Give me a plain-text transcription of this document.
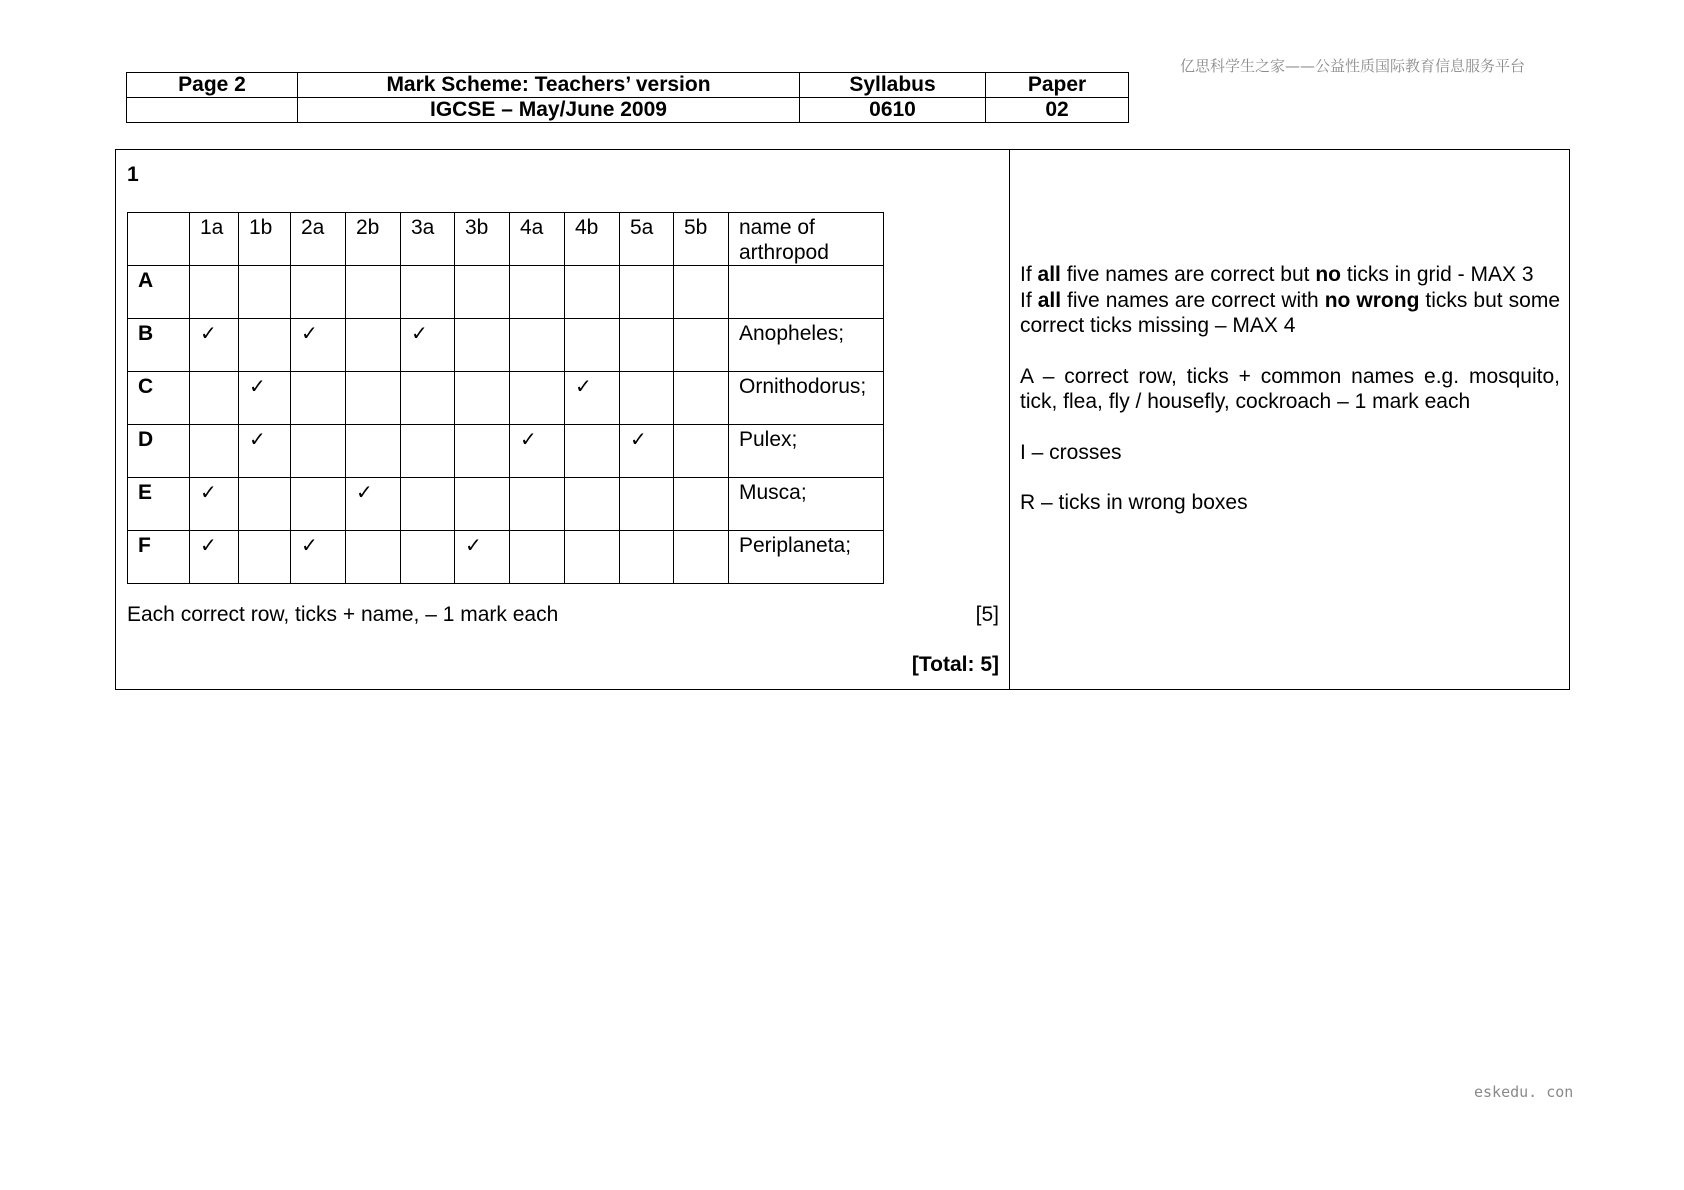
亿思科学生之家——公益性质国际教育信息服务平台
Page 2	Mark Scheme: Teachers’ version	Syllabus	Paper
	IGCSE – May/June 2009	0610	02
1
	1a	1b	2a	2b	3a	3b	4a	4b	5a	5b	name of arthropod
A											
B	✓		✓		✓						Anopheles;
C		✓						✓			Ornithodorus;
D		✓					✓		✓		Pulex;
E	✓			✓							Musca;
F	✓		✓			✓					Periplaneta;
Each correct row, ticks + name, – 1 mark each	[5]
[Total: 5]

If all five names are correct but no ticks in grid - MAX 3

If all five names are correct with no wrong ticks but some correct ticks missing – MAX 4

A – correct row, ticks + common names e.g. mosquito, tick, flea, fly / housefly, cockroach – 1 mark each

I – crosses

R – ticks in wrong boxes

eskedu. con
